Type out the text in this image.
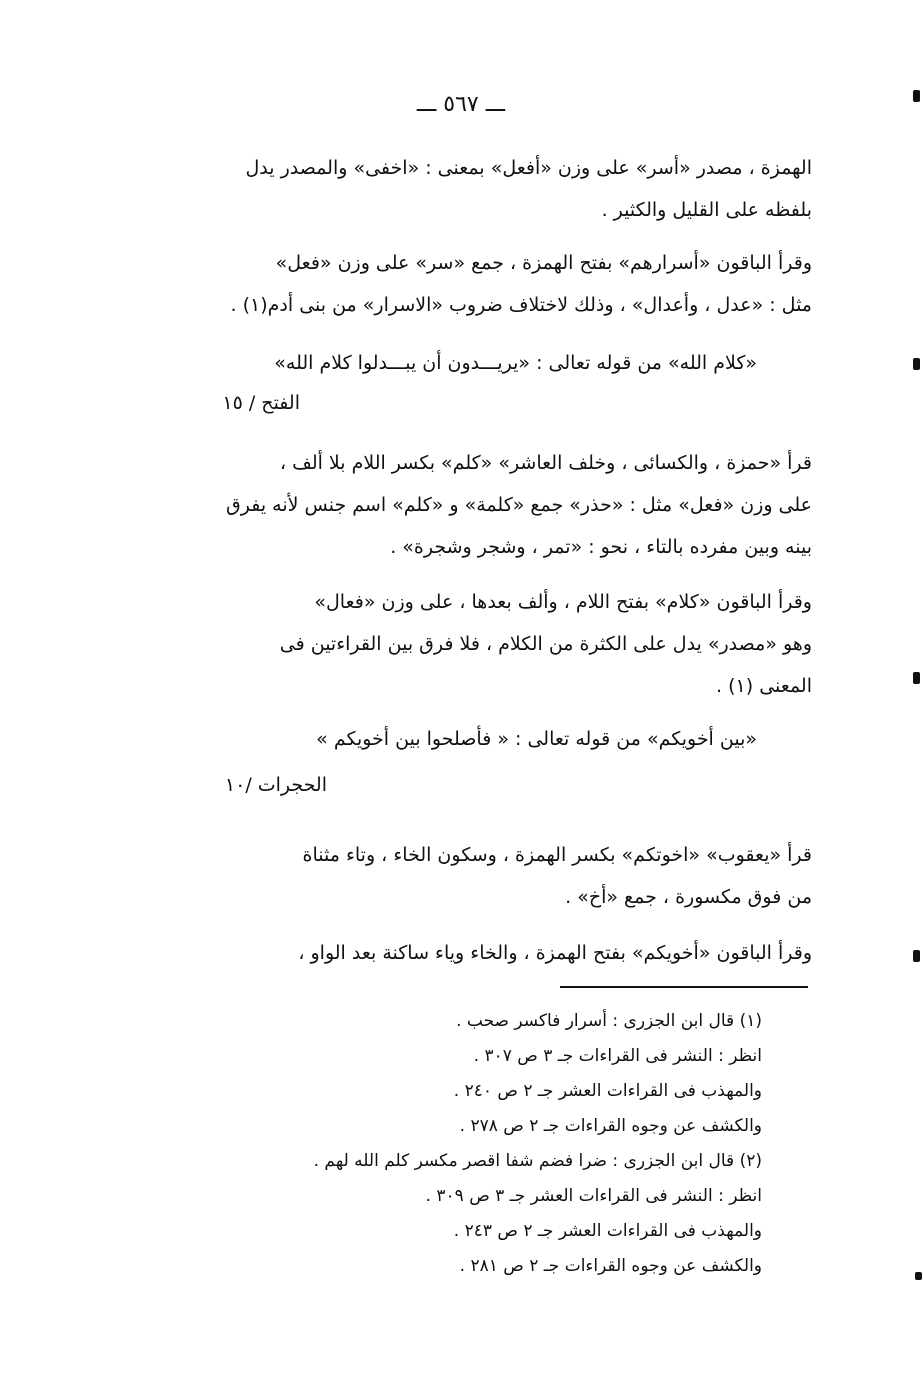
ـــ ٥٦٧ ـــ
الهمزة ، مصدر «أسر» على وزن «أفعل» بمعنى : «اخفى» والمصدر يدل
بلفظه على القليل والكثير .
وقرأ الباقون «أسرارهم» بفتح الهمزة ، جمع «سر» على وزن «فعل»
مثل : «عدل ، وأعدال» ، وذلك لاختلاف ضروب «الاسرار» من بنى أدم(١) .
«كلام الله» من قوله تعالى : «يريـــدون أن يبـــدلوا كلام الله»
الفتح / ١٥
قرأ «حمزة ، والكسائى ، وخلف العاشر» «كلم» بكسر اللام بلا ألف ،
على وزن «فعل» مثل : «حذر» جمع «كلمة» و «كلم» اسم جنس لأنه يفرق
بينه وبين مفرده بالتاء ، نحو : «تمر ، وشجر وشجرة» .
وقرأ الباقون «كلام» بفتح اللام ، وألف بعدها ، على وزن «فعال»
وهو «مصدر» يدل على الكثرة من الكلام ، فلا فرق بين القراءتين فى
المعنى (١) .
«بين أخويكم» من قوله تعالى : « فأصلحوا بين أخويكم »
الحجرات /١٠
قرأ «يعقوب» «اخوتكم» بكسر الهمزة ، وسكون الخاء ، وتاء مثناة
من فوق مكسورة ، جمع «أخ» .
وقرأ الباقون «أخويكم» بفتح الهمزة ، والخاء وياء ساكنة بعد الواو ،
(١) قال ابن الجزرى : أسرار فاكسر صحب .
انظر : النشر فى القراءات جـ ٣ ص ٣٠٧ .
والمهذب فى القراءات العشر جـ ٢ ص ٢٤٠ .
والكشف عن وجوه القراءات جـ ٢ ص ٢٧٨ .
(٢) قال ابن الجزرى : ضرا فضم شفا اقصر مكسر كلم الله لهم .
انظر : النشر فى القراءات العشر جـ ٣ ص ٣٠٩ .
والمهذب فى القراءات العشر جـ ٢ ص ٢٤٣ .
والكشف عن وجوه القراءات جـ ٢ ص ٢٨١ .
